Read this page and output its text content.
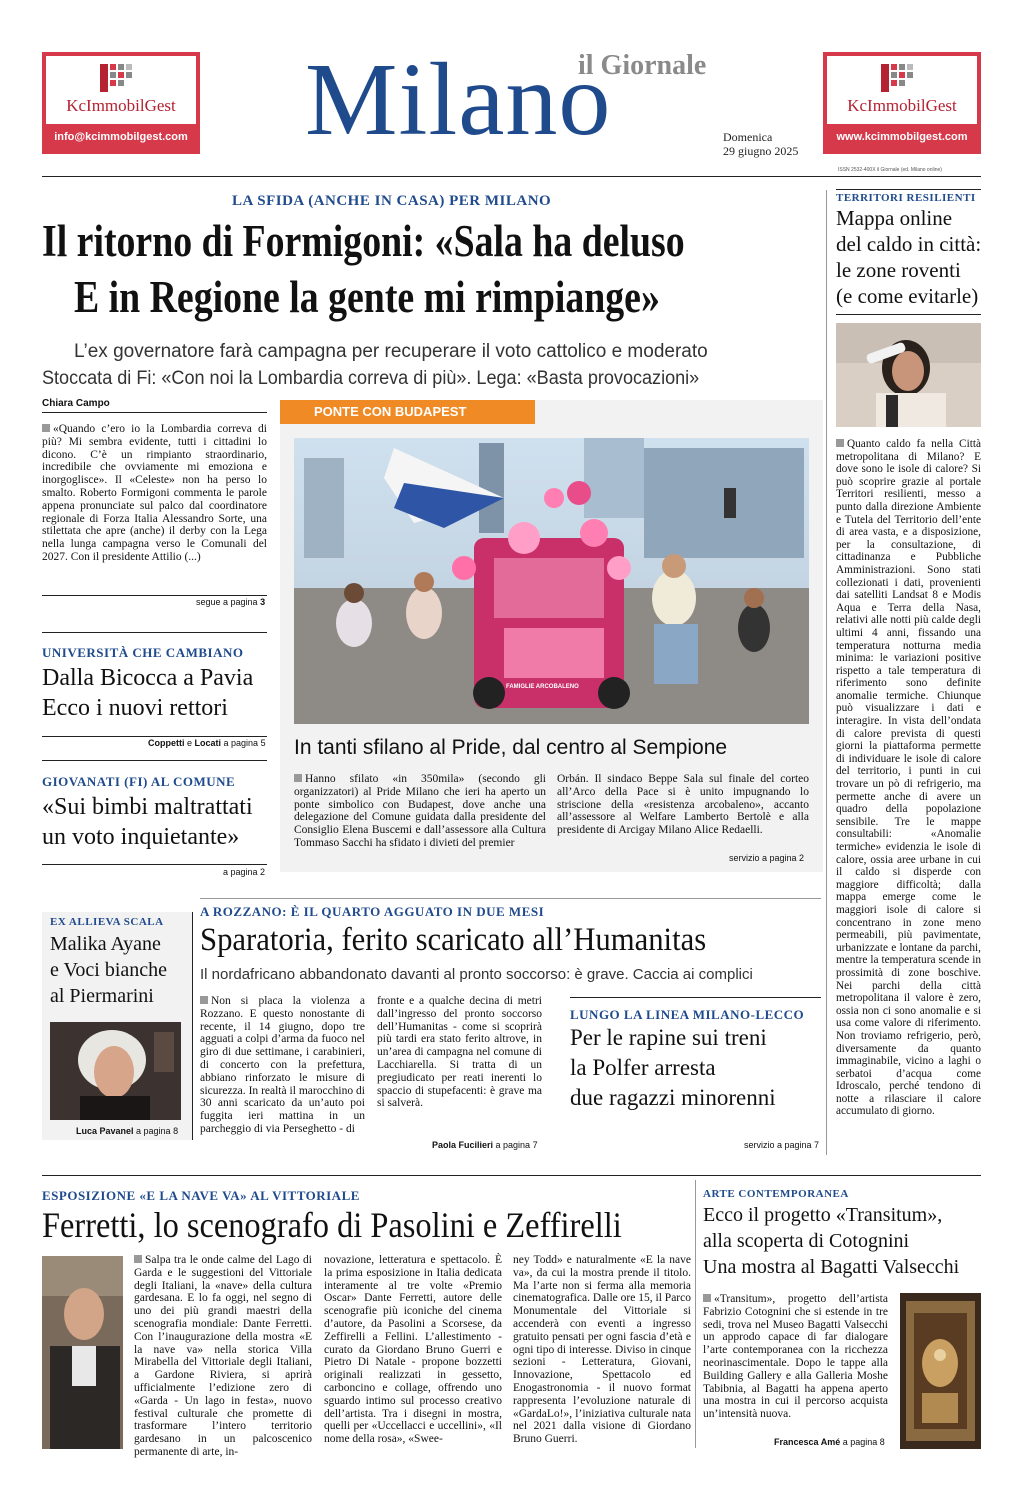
KcImmobilGest
info@kcimmobilgest.com
KcImmobilGest
www.kcimmobilgest.com
Milano
il Giornale
Domenica
29 giugno 2025
ISSN 2532-400X il Giornale (ed. Milano online)
LA SFIDA (ANCHE IN CASA) PER MILANO
Il ritorno di Formigoni: «Sala ha deluso
E in Regione la gente mi rimpiange»
L’ex governatore farà campagna per recuperare il voto cattolico e moderato
Stoccata di Fi: «Con noi la Lombardia correva di più». Lega: «Basta provocazioni»
Chiara Campo
«Quando c’ero io la Lombardia correva di più? Mi sembra evidente, tutti i cittadini lo dicono. C’è un rimpianto straordinario, incredibile che ovviamente mi emoziona e inorgoglisce». Il «Celeste» non ha perso lo smalto. Roberto Formigoni commenta le parole appena pronunciate sul palco dal coordinatore regionale di Forza Italia Alessandro Sorte, una stilettata che apre (anche) il derby con la Lega nella lunga campagna verso le Comunali del 2027. Con il presidente Attilio (...)
segue a pagina 3
UNIVERSITÀ CHE CAMBIANO
Dalla Bicocca a Pavia
Ecco i nuovi rettori
Coppetti e Locati a pagina 5
GIOVANATI (FI) AL COMUNE
«Sui bimbi maltrattati
un voto inquietante»
a pagina 2
PONTE CON BUDAPEST
FAMIGLIE ARCOBALENO
In tanti sfilano al Pride, dal centro al Sempione
Hanno sfilato «in 350mila» (secondo gli organizzatori) al Pride Milano che ieri ha aperto un ponte simbolico con Budapest, dove anche una delegazione del Comune guidata dalla presidente del Consiglio Elena Buscemi e dall’assessore alla Cultura Tommaso Sacchi ha sfidato i divieti del premier
Orbán. Il sindaco Beppe Sala sul finale del corteo all’Arco della Pace si è unito impugnando lo striscione della «resistenza arcobaleno», accanto all’assessore al Welfare Lamberto Bertolè e alla presidente di Arcigay Milano Alice Redaelli.
servizio a pagina 2
TERRITORI RESILIENTI
Mappa online
del caldo in città:
le zone roventi
(e come evitarle)
Quanto caldo fa nella Città metropolitana di Milano? E dove sono le isole di calore? Si può scoprire grazie al portale Territori resilienti, messo a punto dalla direzione Ambiente e Tutela del Territorio dell’ente di area vasta, e a disposizione, per la consultazione, di cittadinanza e Pubbliche Amministrazioni. Sono stati collezionati i dati, provenienti dai satelliti Landsat 8 e Modis Aqua e Terra della Nasa, relativi alle notti più calde degli ultimi 4 anni, fissando una temperatura notturna media minima: le variazioni positive rispetto a tale temperatura di riferimento sono definite anomalie termiche. Chiunque può visualizzare i dati e interagire. In vista dell’ondata di calore prevista di questi giorni la piattaforma permette di individuare le isole di calore del territorio, i punti in cui trovare un pò di refrigerio, ma permette anche di avere un quadro della popolazione sensibile. Tre le mappe consultabili: «Anomalie termiche» evidenzia le isole di calore, ossia aree urbane in cui il caldo si disperde con maggiore difficoltà; dalla mappa emerge come le maggiori isole di calore si concentrano in zone meno permeabili, più pavimentate, urbanizzate e lontane da parchi, mentre la temperatura scende in prossimità di zone boschive. Nei parchi della città metropolitana il valore è zero, ossia non ci sono anomalie e si usa come valore di riferimento. Non troviamo refrigerio, però, diversamente da quanto immaginabile, vicino a laghi o serbatoi d’acqua come Idroscalo, perché tendono di notte a rilasciare il calore accumulato di giorno.
EX ALLIEVA SCALA
Malika Ayane
e Voci bianche
al Piermarini
Luca Pavanel a pagina 8
A ROZZANO: È IL QUARTO AGGUATO IN DUE MESI
Sparatoria, ferito scaricato all’Humanitas
Il nordafricano abbandonato davanti al pronto soccorso: è grave. Caccia ai complici
Non si placa la violenza a Rozzano. E questo nonostante di recente, il 14 giugno, dopo tre agguati a colpi d’arma da fuoco nel giro di due settimane, i carabinieri, di concerto con la prefettura, abbiano rinforzato le misure di sicurezza. In realtà il marocchino di 30 anni scaricato da un’auto poi fuggita ieri mattina in un parcheggio di via Perseghetto - di
fronte e a qualche decina di metri dall’ingresso del pronto soccorso dell’Humanitas - come si scoprirà più tardi era stato ferito altrove, in un’area di campagna nel comune di Lacchiarella. Si tratta di un pregiudicato per reati inerenti lo spaccio di stupefacenti: è grave ma si salverà.
Paola Fucilieri a pagina 7
LUNGO LA LINEA MILANO-LECCO
Per le rapine sui treni
la Polfer arresta
due ragazzi minorenni
servizio a pagina 7
ESPOSIZIONE «E LA NAVE VA» AL VITTORIALE
Ferretti, lo scenografo di Pasolini e Zeffirelli
Salpa tra le onde calme del Lago di Garda e le suggestioni del Vittoriale degli Italiani, la «nave» della cultura gardesana. E lo fa oggi, nel segno di uno dei più grandi maestri della scenografia mondiale: Dante Ferretti. Con l’inaugurazione della mostra «E la nave va» nella storica Villa Mirabella del Vittoriale degli Italiani, a Gardone Riviera, si aprirà ufficialmente l’edizione zero di «Garda - Un lago in festa», nuovo festival culturale che promette di trasformare l’intero territorio gardesano in un palcoscenico permanente di arte, in-
novazione, letteratura e spettacolo. È la prima esposizione in Italia dedicata interamente al tre volte «Premio Oscar» Dante Ferretti, autore delle scenografie più iconiche del cinema d’autore, da Pasolini a Scorsese, da Zeffirelli a Fellini. L’allestimento - curato da Giordano Bruno Guerri e Pietro Di Natale - propone bozzetti originali realizzati in gessetto, carboncino e collage, offrendo uno sguardo intimo sul processo creativo dell’artista. Tra i disegni in mostra, quelli per «Uccellacci e uccellini», «Il nome della rosa», «Swee-
ney Todd» e naturalmente «E la nave va», da cui la mostra prende il titolo. Ma l’arte non si ferma alla memoria cinematografica. Dalle ore 15, il Parco Monumentale del Vittoriale si accenderà con eventi a ingresso gratuito pensati per ogni fascia d’età e ogni tipo di interesse. Diviso in cinque sezioni - Letteratura, Giovani, Innovazione, Spettacolo ed Enogastronomia - il nuovo format rappresenta l’evoluzione naturale di «GardaLo!», l’iniziativa culturale nata nel 2021 dalla visione di Giordano Bruno Guerri.
ARTE CONTEMPORANEA
Ecco il progetto «Transitum»,
alla scoperta di Cotognini
Una mostra al Bagatti Valsecchi
«Transitum», progetto dell’artista Fabrizio Cotognini che si estende in tre sedi, trova nel Museo Bagatti Valsecchi un approdo capace di far dialogare l’arte contemporanea con la ricchezza neorinascimentale. Dopo le tappe alla Building Gallery e alla Galleria Moshe Tabibnia, al Bagatti ha appena aperto una mostra in cui il percorso acquista un’intensità nuova.
Francesca Amé a pagina 8
